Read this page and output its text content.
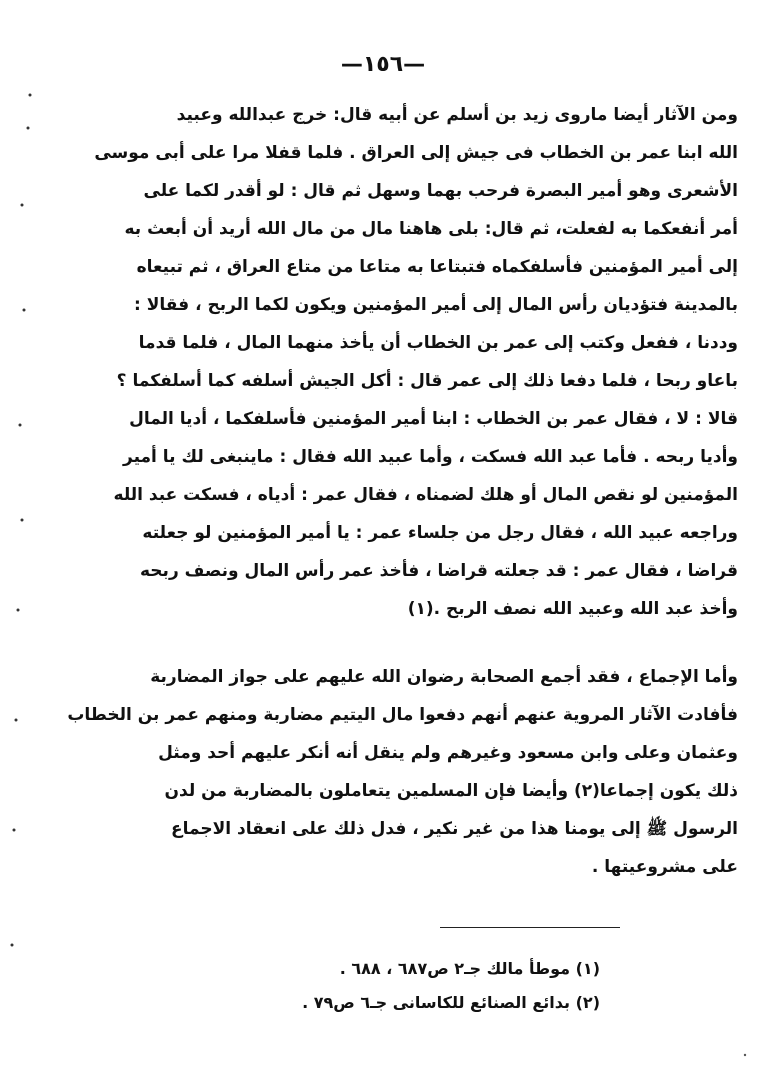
—١٥٦—
ومن الآثار أيضا ماروى زيد بن أسلم عن أبيه قال: خرج عبدالله وعبيد
الله ابنا عمر بن الخطاب فى جيش إلى العراق . فلما قفلا مرا على أبى موسى
الأشعرى وهو أمير البصرة فرحب بهما وسهل ثم قال : لو أقدر لكما على
أمر أنفعكما به لفعلت، ثم قال: بلى هاهنا مال من مال الله أريد أن أبعث به
إلى أمير المؤمنين فأسلفكماه فتبتاعا به متاعا من متاع العراق ، ثم تبيعاه
بالمدينة فتؤديان رأس المال إلى أمير المؤمنين ويكون لكما الربح ، فقالا :
وددنا ، ففعل وكتب إلى عمر بن الخطاب أن يأخذ منهما المال ، فلما قدما
باعاو ربحا ، فلما دفعا ذلك إلى عمر قال : أكل الجيش أسلفه كما أسلفكما ؟
قالا : لا ، فقال عمر بن الخطاب : ابنا أمير المؤمنين فأسلفكما ، أديا المال
وأديا ربحه . فأما عبد الله فسكت ، وأما عبيد الله فقال : ماينبغى لك يا أمير
المؤمنين لو نقص المال أو هلك لضمناه ، فقال عمر : أدياه ، فسكت عبد الله
وراجعه عبيد الله ، فقال رجل من جلساء عمر : يا أمير المؤمنين لو جعلته
قراضا ، فقال عمر : قد جعلته قراضا ، فأخذ عمر رأس المال ونصف ربحه
وأخذ عبد الله وعبيد الله نصف الربح .(١)
وأما الإجماع ، فقد أجمع الصحابة رضوان الله عليهم على جواز المضاربة
فأفادت الآثار المروية عنهم أنهم دفعوا مال اليتيم مضاربة ومنهم عمر بن الخطاب
وعثمان وعلى وابن مسعود وغيرهم ولم ينقل أنه أنكر عليهم أحد ومثل
ذلك يكون إجماعا(٢) وأيضا فإن المسلمين يتعاملون بالمضاربة من لدن
الرسول ﷺ إلى يومنا هذا من غير نكير ، فدل ذلك على انعقاد الاجماع
على مشروعيتها .
(١) موطأ مالك جـ٢ ص٦٨٧ ، ٦٨٨ .
(٢) بدائع الصنائع للكاسانى جـ٦ ص٧٩ .
